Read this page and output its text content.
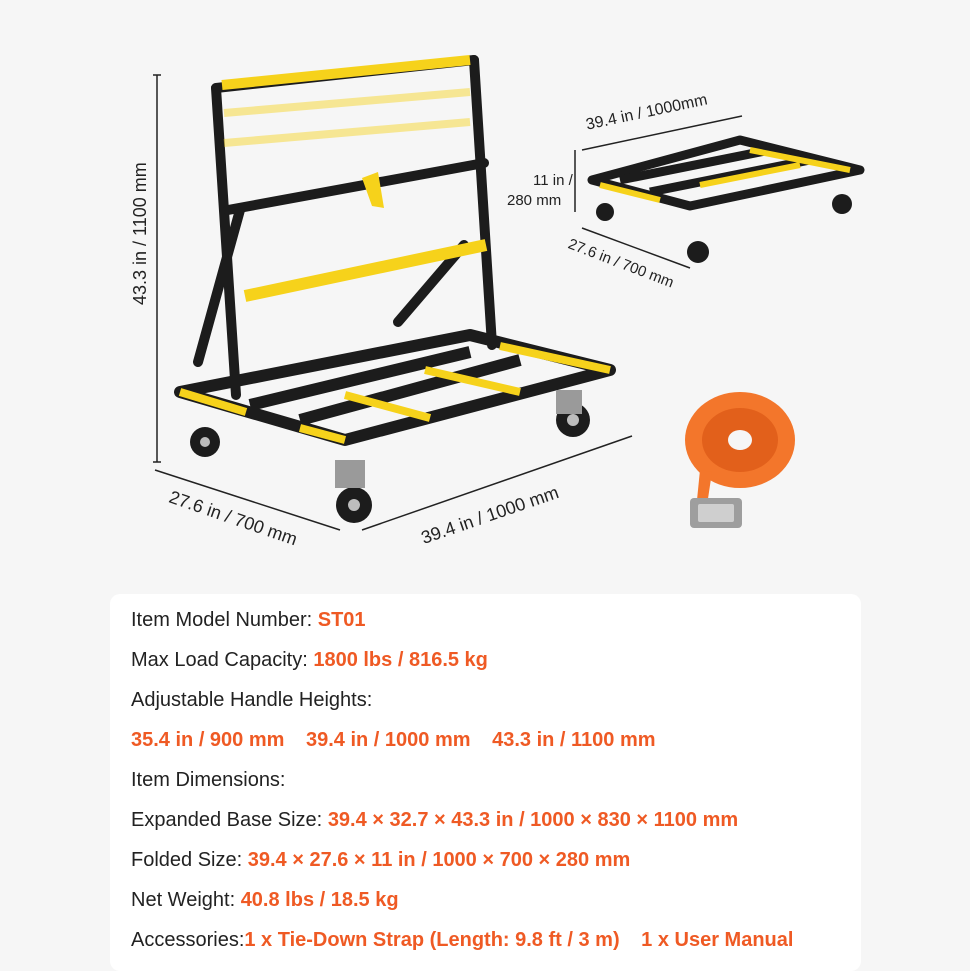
43.3 in / 1100 mm
27.6 in / 700 mm	39.4 in / 1000 mm
39.4 in / 1000mm
11 in /
280 mm
27.6 in / 700 mm
Item Model Number: ST01
Max Load Capacity: 1800 lbs / 816.5 kg
Adjustable Handle Heights:
35.4 in / 900 mm 39.4 in / 1000 mm 43.3 in / 1100 mm
Item Dimensions:
Expanded Base Size: 39.4 × 32.7 × 43.3 in / 1000 × 830 × 1100 mm
Folded Size: 39.4 × 27.6 × 11 in / 1000 × 700 × 280 mm
Net Weight: 40.8 lbs / 18.5 kg
Accessories:1 x Tie-Down Strap (Length: 9.8 ft / 3 m) 1 x User Manual
